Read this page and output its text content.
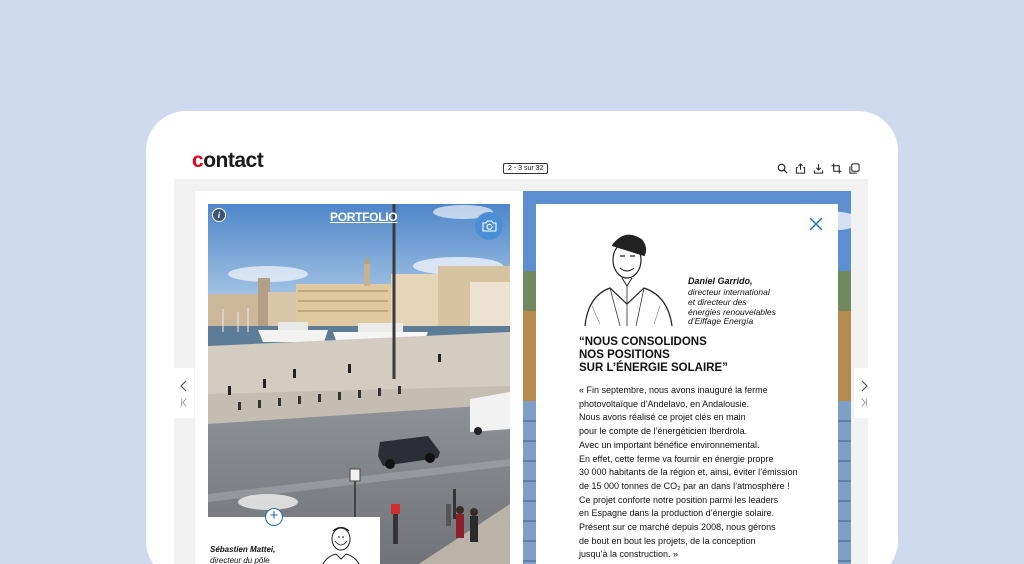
contact	2 - 3 sur 32
i	PORTFOLIO
+
Sébastien Mattei,
directeur du pôle
Daniel Garrido,
directeur international
et directeur des
énergies renouvelables
d’Eiffage Energía
“NOUS CONSOLIDONS
NOS POSITIONS
SUR L’ÉNERGIE SOLAIRE”
« Fin septembre, nous avons inauguré la ferme
photovoltaïque d’Andelavo, en Andalousie.
Nous avons réalisé ce projet clés en main
pour le compte de l’énergéticien Iberdrola.
Avec un important bénéfice environnemental.
En effet, cette ferme va fournir en énergie propre
30 000 habitants de la région et, ainsi, éviter l’émission
de 15 000 tonnes de CO₂ par an dans l’atmosphère !
Ce projet conforte notre position parmi les leaders
en Espagne dans la production d’énergie solaire.
Présent sur ce marché depuis 2008, nous gérons
de bout en bout les projets, de la conception
jusqu’à la construction. »
